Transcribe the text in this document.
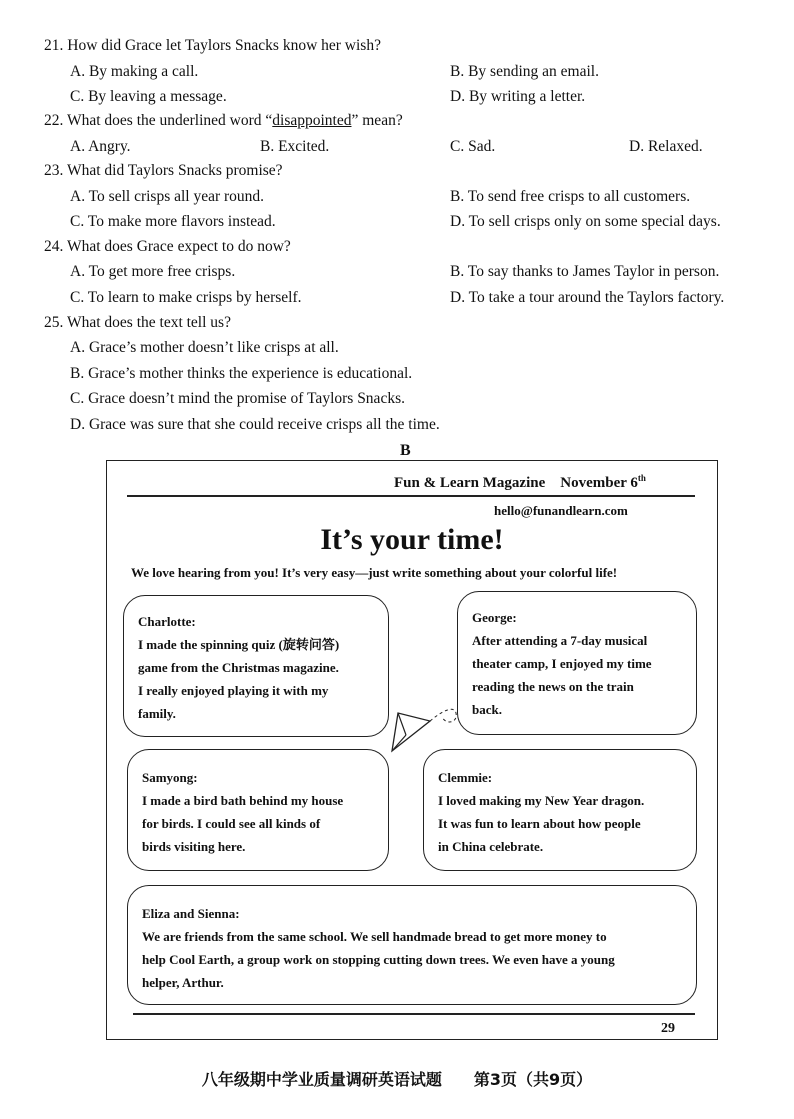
21. How did Grace let Taylors Snacks know her wish?
A. By making a call.	B. By sending an email.
C. By leaving a message.	D. By writing a letter.
22. What does the underlined word “disappointed” mean?
A. Angry.	B. Excited.	C. Sad.	D. Relaxed.
23. What did Taylors Snacks promise?
A. To sell crisps all year round.	B. To send free crisps to all customers.
C. To make more flavors instead.	D. To sell crisps only on some special days.
24. What does Grace expect to do now?
A. To get more free crisps.	B. To say thanks to James Taylor in person.
C. To learn to make crisps by herself.	D. To take a tour around the Taylors factory.
25. What does the text tell us?
A. Grace’s mother doesn’t like crisps at all.
B. Grace’s mother thinks the experience is educational.
C. Grace doesn’t mind the promise of Taylors Snacks.
D. Grace was sure that she could receive crisps all the time.
B
Fun & Learn Magazine November 6th
hello@funandlearn.com
It’s your time!
We love hearing from you! It’s very easy—just write something about your colorful life!
Charlotte:
I made the spinning quiz (旋转问答)
game from the Christmas magazine.
I really enjoyed playing it with my
family.
George:
After attending a 7-day musical
theater camp, I enjoyed my time
reading the news on the train
back.
Samyong:
I made a bird bath behind my house
for birds. I could see all kinds of
birds visiting here.
Clemmie:
I loved making my New Year dragon.
It was fun to learn about how people
in China celebrate.
Eliza and Sienna:
We are friends from the same school. We sell handmade bread to get more money to
help Cool Earth, a group work on stopping cutting down trees. We even have a young
helper, Arthur.
29
八年级期中学业质量调研英语试题　　第3页（共9页）
